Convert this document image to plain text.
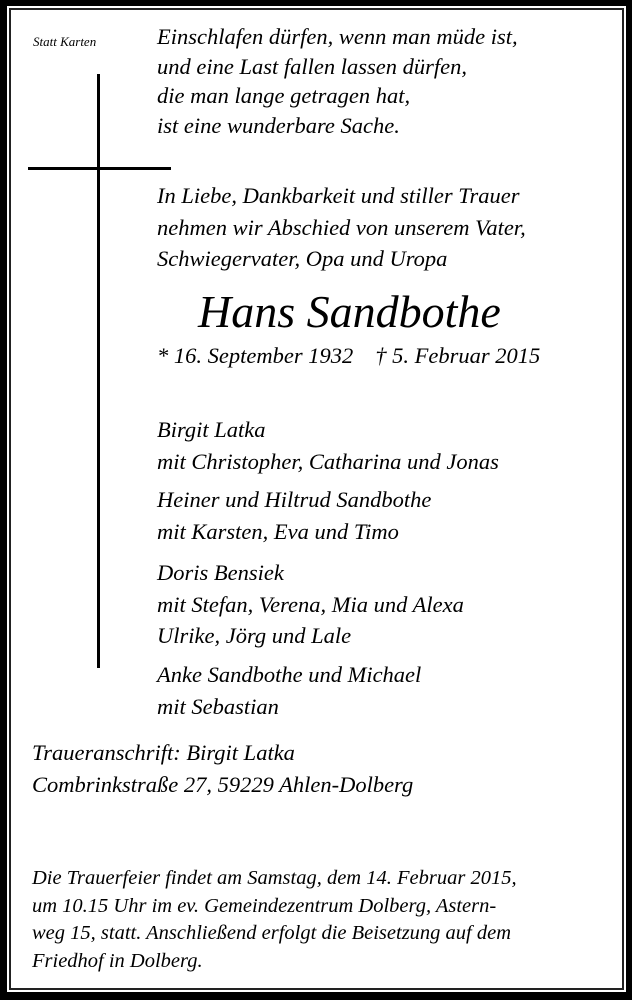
Statt Karten	Einschlafen dürfen, wenn man müde ist,
und eine Last fallen lassen dürfen,
die man lange getragen hat,
ist eine wunderbare Sache.
In Liebe, Dankbarkeit und stiller Trauer
nehmen wir Abschied von unserem Vater,
Schwiegervater, Opa und Uropa
Hans Sandbothe
* 16. September 1932 † 5. Februar 2015
Birgit Latka
mit Christopher, Catharina und Jonas
Heiner und Hiltrud Sandbothe
mit Karsten, Eva und Timo
Doris Bensiek
mit Stefan, Verena, Mia und Alexa
Ulrike, Jörg und Lale
Anke Sandbothe und Michael
mit Sebastian
Traueranschrift: Birgit Latka
Combrinkstraße 27, 59229 Ahlen-Dolberg
Die Trauerfeier findet am Samstag, dem 14. Februar 2015,
um 10.15 Uhr im ev. Gemeindezentrum Dolberg, Astern-
weg 15, statt. Anschließend erfolgt die Beisetzung auf dem
Friedhof in Dolberg.
